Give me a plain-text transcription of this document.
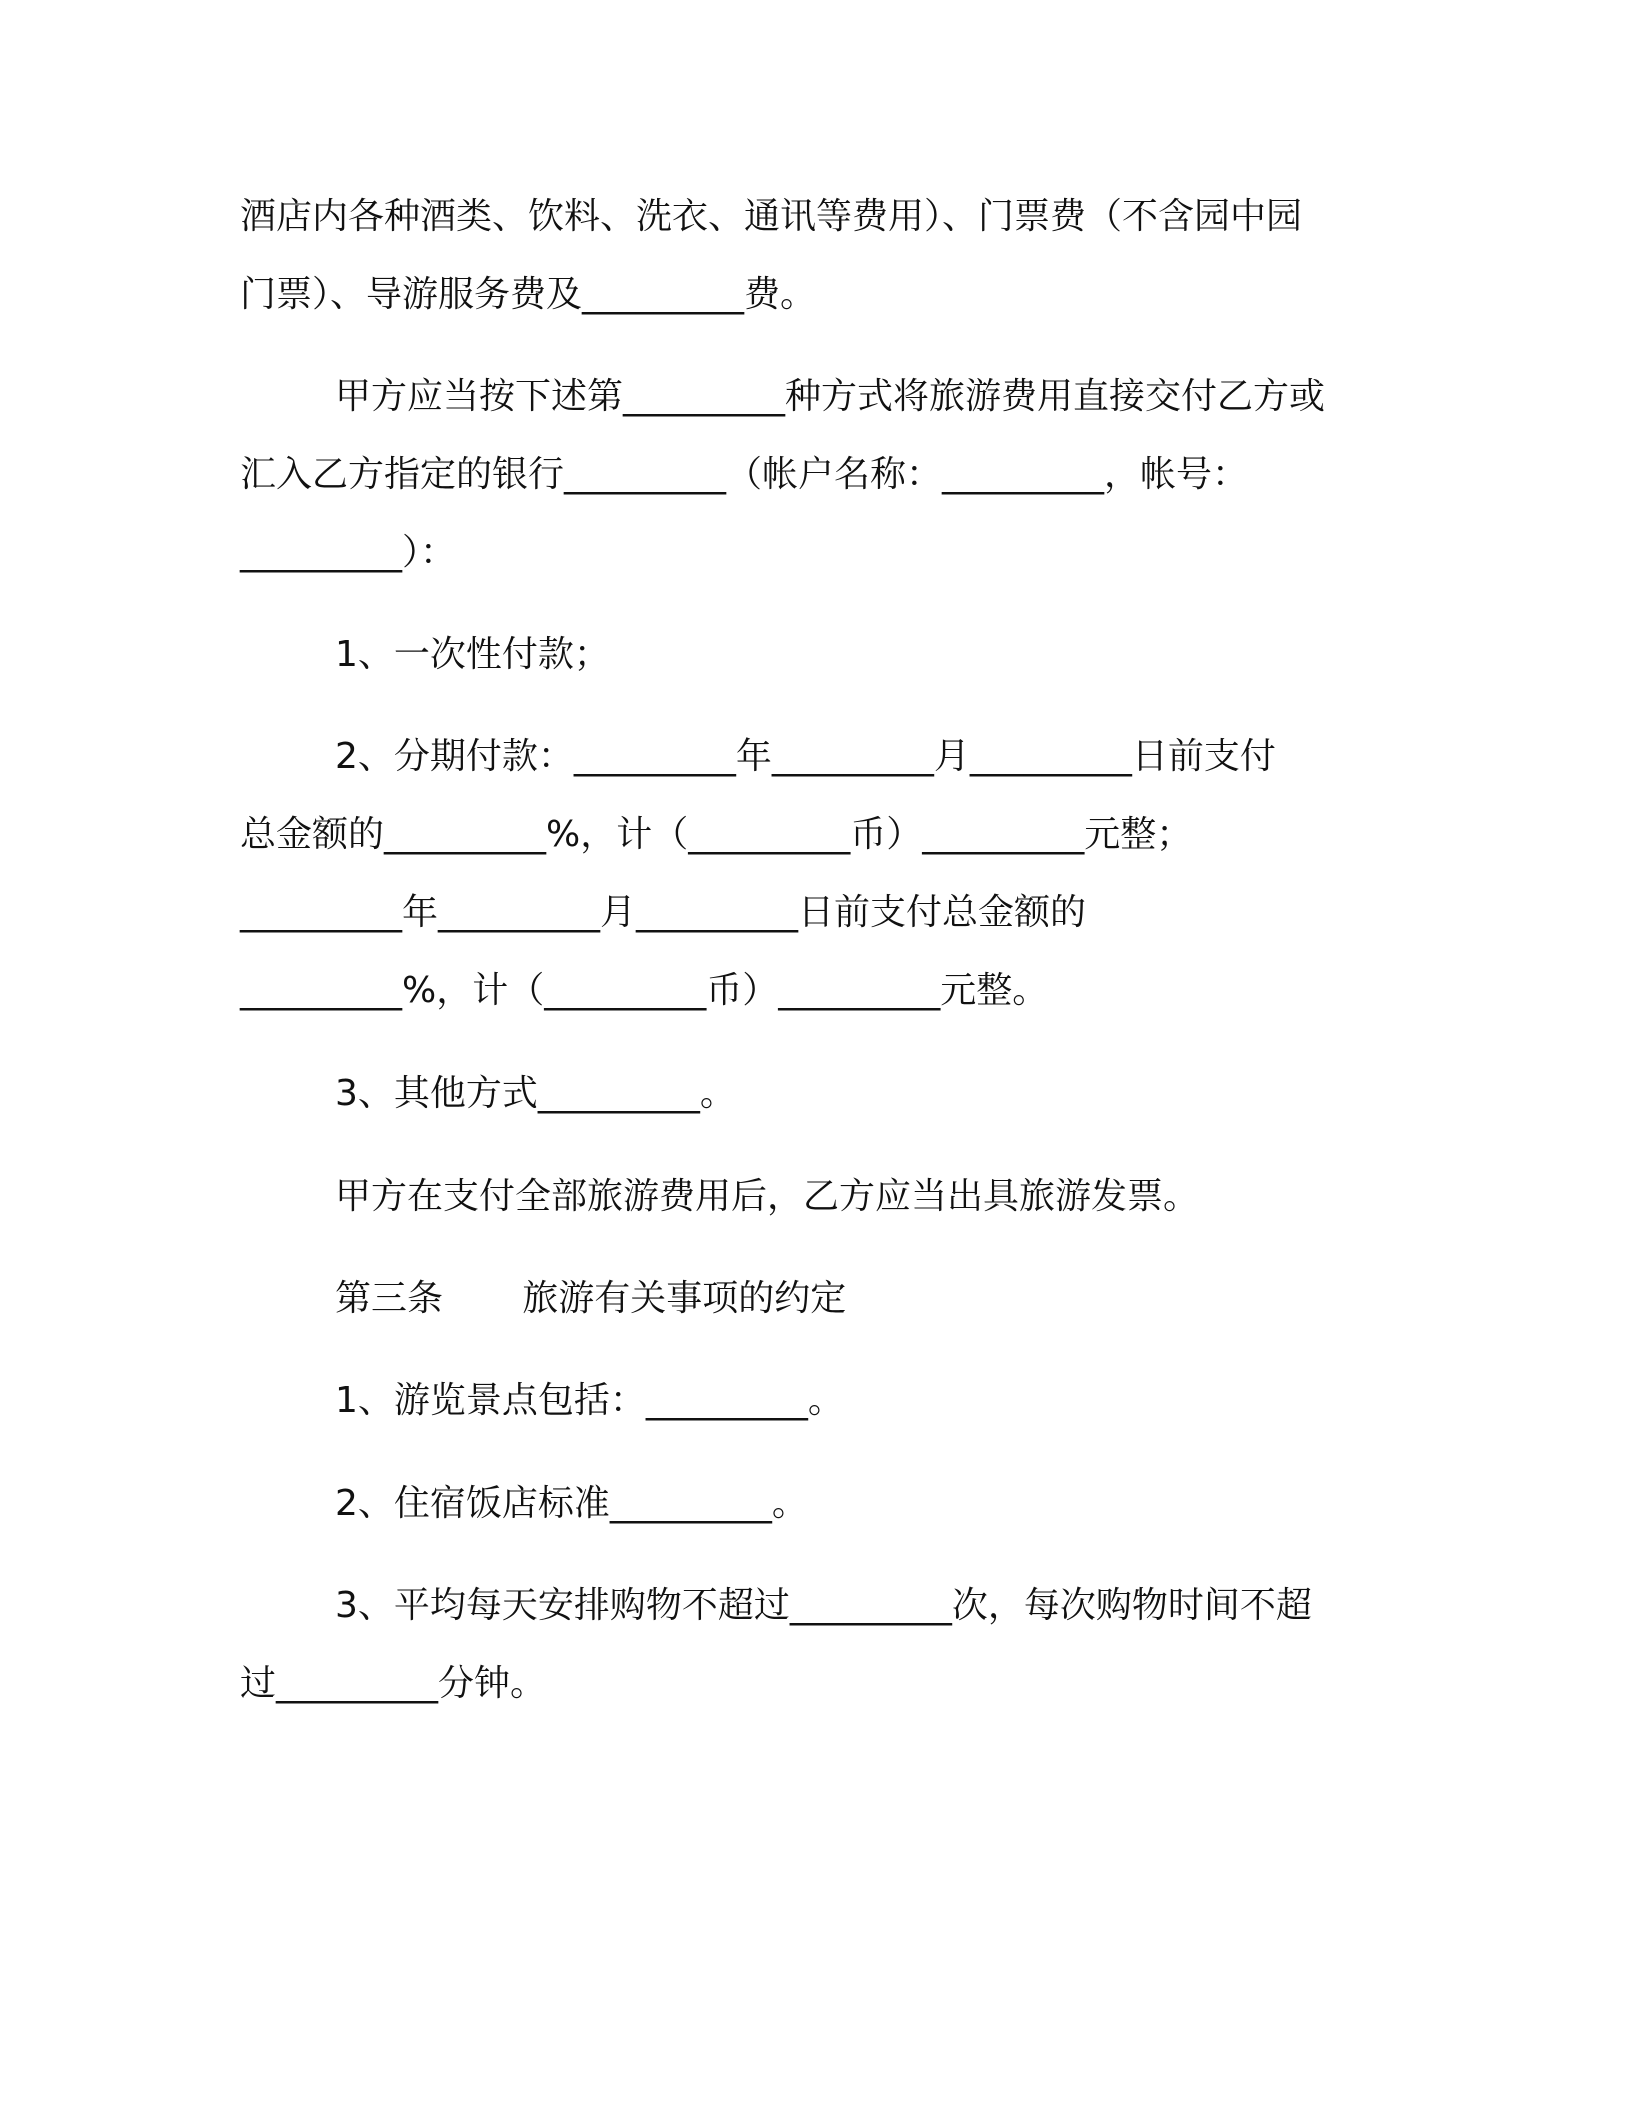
酒店内各种酒类、饮料、洗衣、通讯等费用）、门票费（不含园中园

门票）、导游服务费及_________费。

甲方应当按下述第_________种方式将旅游费用直接交付乙方或

汇入乙方指定的银行_________（帐户名称：_________，帐号：

_________）：

1、一次性付款；

2、分期付款：_________年_________月_________日前支付

总金额的_________%，计（_________币）_________元整；

_________年_________月_________日前支付总金额的

_________%，计（_________币）_________元整。

3、其他方式_________。

甲方在支付全部旅游费用后，乙方应当出具旅游发票。

第三条 旅游有关事项的约定

1、游览景点包括：_________。

2、住宿饭店标准_________。

3、平均每天安排购物不超过_________次，每次购物时间不超

过_________分钟。
